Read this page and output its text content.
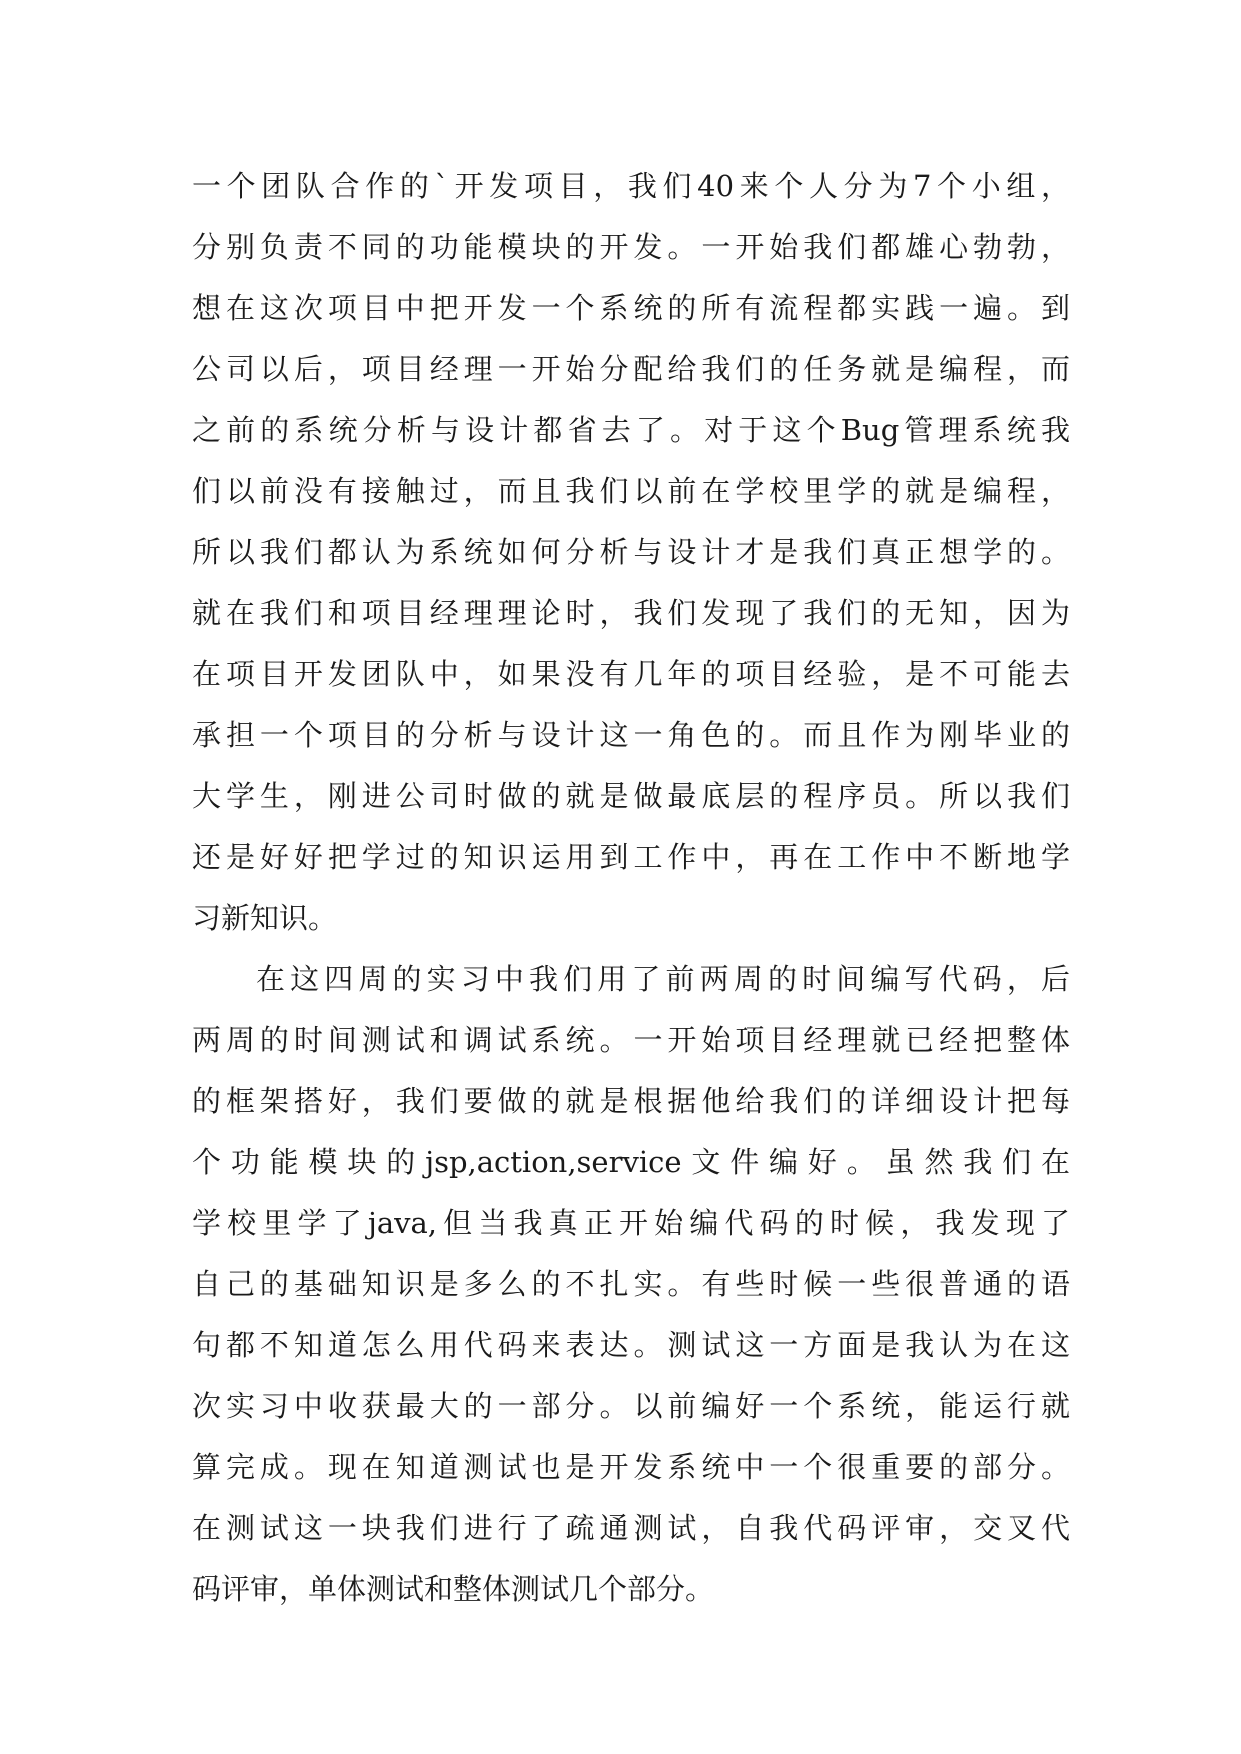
一个团队合作的`开发项目，我们40来个人分为7个小组，
分别负责不同的功能模块的开发。一开始我们都雄心勃勃，
想在这次项目中把开发一个系统的所有流程都实践一遍。到
公司以后，项目经理一开始分配给我们的任务就是编程，而
之前的系统分析与设计都省去了。对于这个Bug管理系统我
们以前没有接触过，而且我们以前在学校里学的就是编程，
所以我们都认为系统如何分析与设计才是我们真正想学的。
就在我们和项目经理理论时，我们发现了我们的无知，因为
在项目开发团队中，如果没有几年的项目经验，是不可能去
承担一个项目的分析与设计这一角色的。而且作为刚毕业的
大学生，刚进公司时做的就是做最底层的程序员。所以我们
还是好好把学过的知识运用到工作中，再在工作中不断地学
习新知识。

在这四周的实习中我们用了前两周的时间编写代码，后
两周的时间测试和调试系统。一开始项目经理就已经把整体
的框架搭好，我们要做的就是根据他给我们的详细设计把每
个功能模块的jsp,action,service文件编好。虽然我们在
学校里学了java,但当我真正开始编代码的时候，我发现了
自己的基础知识是多么的不扎实。有些时候一些很普通的语
句都不知道怎么用代码来表达。测试这一方面是我认为在这
次实习中收获最大的一部分。以前编好一个系统，能运行就
算完成。现在知道测试也是开发系统中一个很重要的部分。
在测试这一块我们进行了疏通测试，自我代码评审，交叉代
码评审，单体测试和整体测试几个部分。
